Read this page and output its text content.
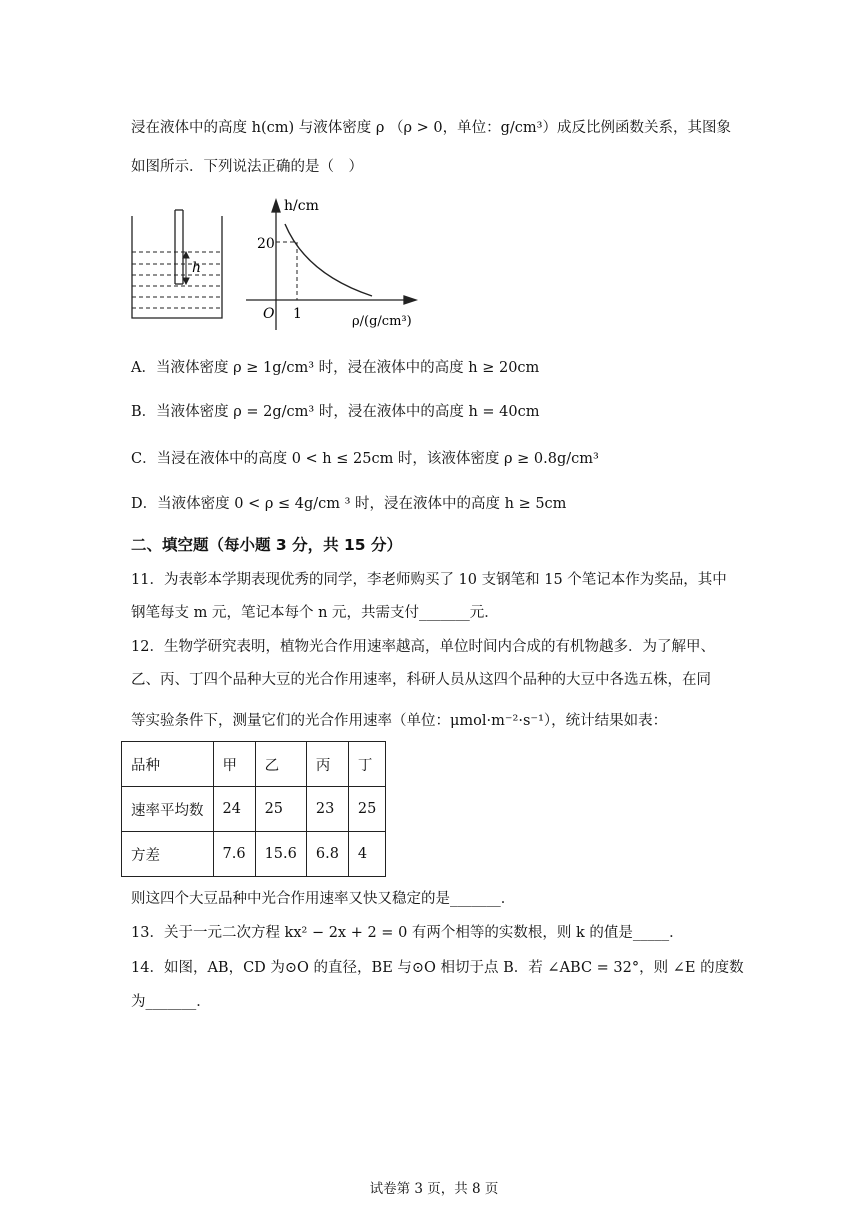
浸在液体中的高度 h(cm) 与液体密度 ρ （ρ > 0，单位：g/cm³）成反比例函数关系，其图象
如图所示．下列说法正确的是（　）
h
h/cm
20
O 1	ρ/(g/cm³)
A．当液体密度 ρ ≥ 1g/cm³ 时，浸在液体中的高度 h ≥ 20cm
B．当液体密度 ρ = 2g/cm³ 时，浸在液体中的高度 h = 40cm
C．当浸在液体中的高度 0 < h ≤ 25cm 时，该液体密度 ρ ≥ 0.8g/cm³
D．当液体密度 0 < ρ ≤ 4g/cm ³ 时，浸在液体中的高度 h ≥ 5cm
二、填空题（每小题 3 分，共 15 分）
11．为表彰本学期表现优秀的同学，李老师购买了 10 支钢笔和 15 个笔记本作为奖品，其中
钢笔每支 m 元，笔记本每个 n 元，共需支付_______元．
12．生物学研究表明，植物光合作用速率越高，单位时间内合成的有机物越多．为了解甲、
乙、丙、丁四个品种大豆的光合作用速率，科研人员从这四个品种的大豆中各选五株，在同
等实验条件下，测量它们的光合作用速率（单位：μmol·m⁻²·s⁻¹），统计结果如表：
品种	甲	乙	丙	丁
速率平均数	24	25	23	25
方差	7.6	15.6	6.8	4
则这四个大豆品种中光合作用速率又快又稳定的是_______．
13．关于一元二次方程 kx² − 2x + 2 = 0 有两个相等的实数根，则 k 的值是_____．
14．如图，AB，CD 为⊙O 的直径，BE 与⊙O 相切于点 B．若 ∠ABC = 32°，则 ∠E 的度数
为_______．
试卷第 3 页，共 8 页
